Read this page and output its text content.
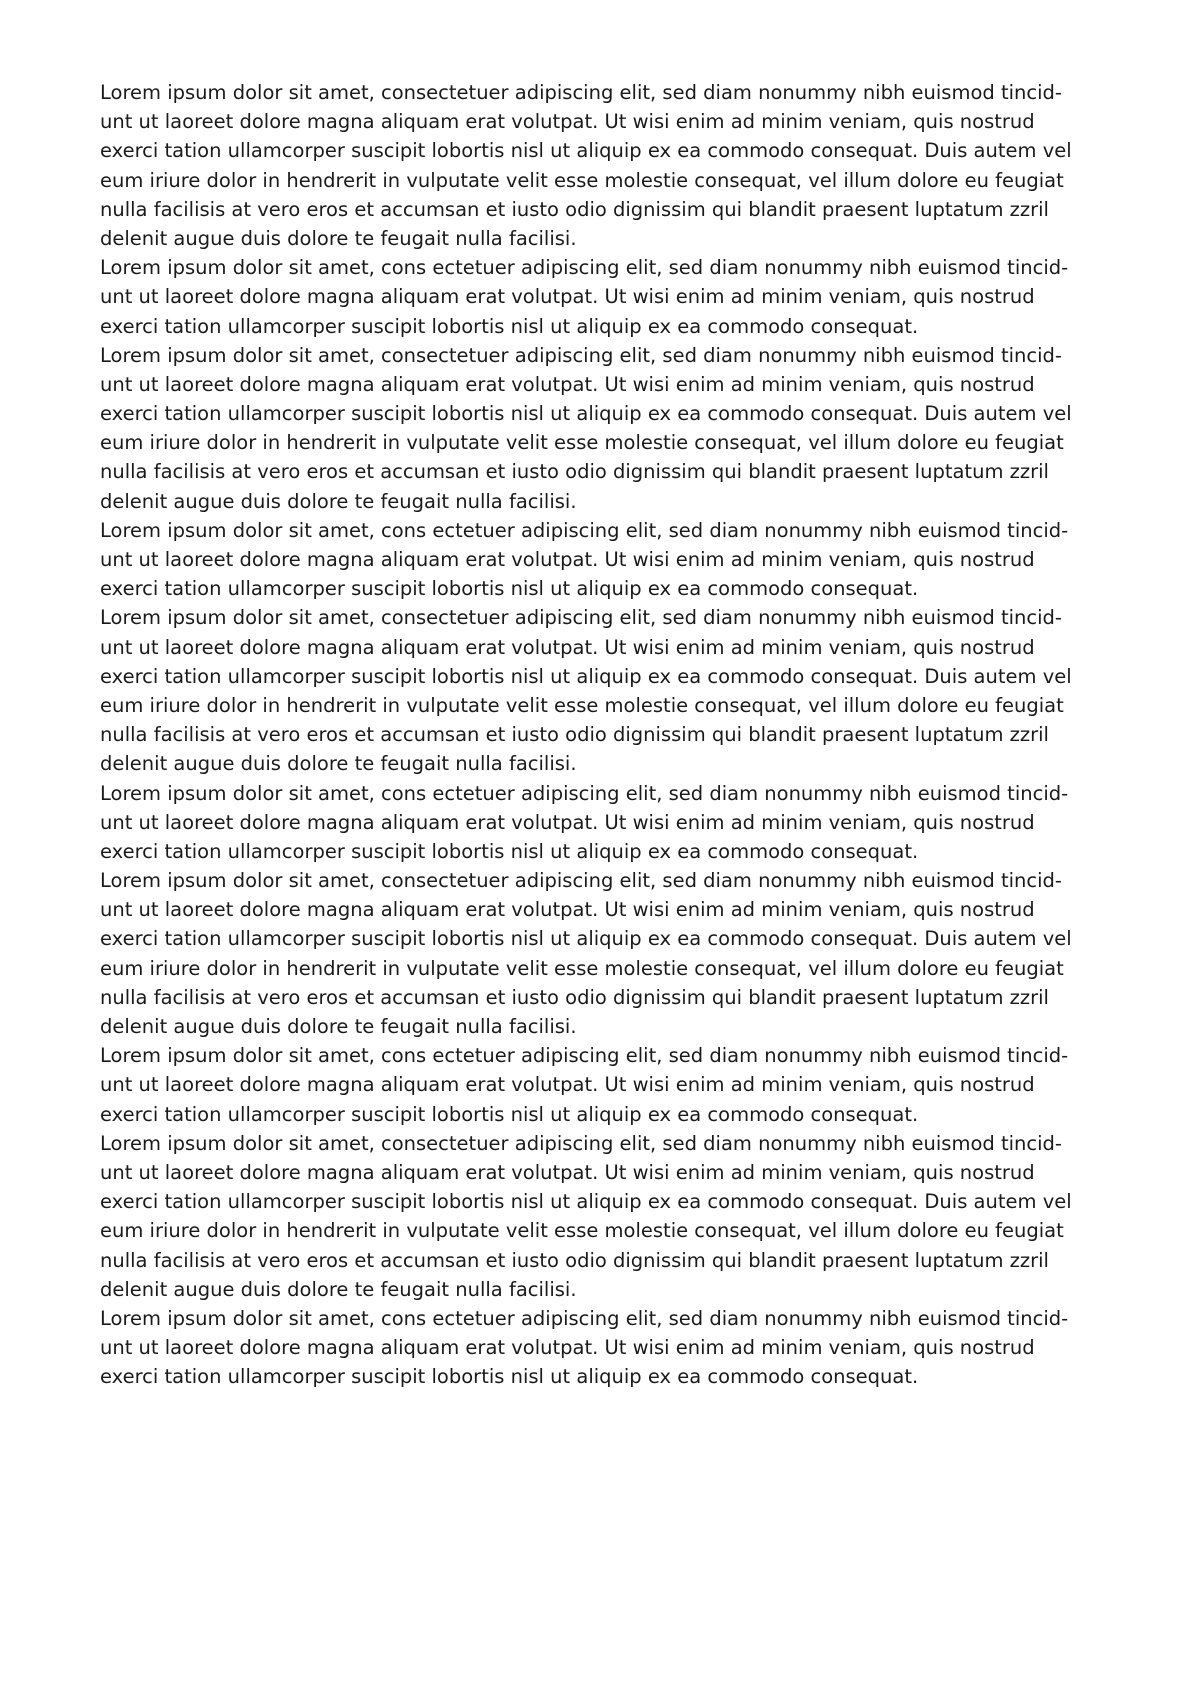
Lorem ipsum dolor sit amet, consectetuer adipiscing elit, sed diam nonummy nibh euismod tincid-
unt ut laoreet dolore magna aliquam erat volutpat. Ut wisi enim ad minim veniam, quis nostrud
exerci tation ullamcorper suscipit lobortis nisl ut aliquip ex ea commodo consequat. Duis autem vel
eum iriure dolor in hendrerit in vulputate velit esse molestie consequat, vel illum dolore eu feugiat
nulla facilisis at vero eros et accumsan et iusto odio dignissim qui blandit praesent luptatum zzril
delenit augue duis dolore te feugait nulla facilisi.
Lorem ipsum dolor sit amet, cons ectetuer adipiscing elit, sed diam nonummy nibh euismod tincid-
unt ut laoreet dolore magna aliquam erat volutpat. Ut wisi enim ad minim veniam, quis nostrud
exerci tation ullamcorper suscipit lobortis nisl ut aliquip ex ea commodo consequat.
Lorem ipsum dolor sit amet, consectetuer adipiscing elit, sed diam nonummy nibh euismod tincid-
unt ut laoreet dolore magna aliquam erat volutpat. Ut wisi enim ad minim veniam, quis nostrud
exerci tation ullamcorper suscipit lobortis nisl ut aliquip ex ea commodo consequat. Duis autem vel
eum iriure dolor in hendrerit in vulputate velit esse molestie consequat, vel illum dolore eu feugiat
nulla facilisis at vero eros et accumsan et iusto odio dignissim qui blandit praesent luptatum zzril
delenit augue duis dolore te feugait nulla facilisi.
Lorem ipsum dolor sit amet, cons ectetuer adipiscing elit, sed diam nonummy nibh euismod tincid-
unt ut laoreet dolore magna aliquam erat volutpat. Ut wisi enim ad minim veniam, quis nostrud
exerci tation ullamcorper suscipit lobortis nisl ut aliquip ex ea commodo consequat.
Lorem ipsum dolor sit amet, consectetuer adipiscing elit, sed diam nonummy nibh euismod tincid-
unt ut laoreet dolore magna aliquam erat volutpat. Ut wisi enim ad minim veniam, quis nostrud
exerci tation ullamcorper suscipit lobortis nisl ut aliquip ex ea commodo consequat. Duis autem vel
eum iriure dolor in hendrerit in vulputate velit esse molestie consequat, vel illum dolore eu feugiat
nulla facilisis at vero eros et accumsan et iusto odio dignissim qui blandit praesent luptatum zzril
delenit augue duis dolore te feugait nulla facilisi.
Lorem ipsum dolor sit amet, cons ectetuer adipiscing elit, sed diam nonummy nibh euismod tincid-
unt ut laoreet dolore magna aliquam erat volutpat. Ut wisi enim ad minim veniam, quis nostrud
exerci tation ullamcorper suscipit lobortis nisl ut aliquip ex ea commodo consequat.
Lorem ipsum dolor sit amet, consectetuer adipiscing elit, sed diam nonummy nibh euismod tincid-
unt ut laoreet dolore magna aliquam erat volutpat. Ut wisi enim ad minim veniam, quis nostrud
exerci tation ullamcorper suscipit lobortis nisl ut aliquip ex ea commodo consequat. Duis autem vel
eum iriure dolor in hendrerit in vulputate velit esse molestie consequat, vel illum dolore eu feugiat
nulla facilisis at vero eros et accumsan et iusto odio dignissim qui blandit praesent luptatum zzril
delenit augue duis dolore te feugait nulla facilisi.
Lorem ipsum dolor sit amet, cons ectetuer adipiscing elit, sed diam nonummy nibh euismod tincid-
unt ut laoreet dolore magna aliquam erat volutpat. Ut wisi enim ad minim veniam, quis nostrud
exerci tation ullamcorper suscipit lobortis nisl ut aliquip ex ea commodo consequat.
Lorem ipsum dolor sit amet, consectetuer adipiscing elit, sed diam nonummy nibh euismod tincid-
unt ut laoreet dolore magna aliquam erat volutpat. Ut wisi enim ad minim veniam, quis nostrud
exerci tation ullamcorper suscipit lobortis nisl ut aliquip ex ea commodo consequat. Duis autem vel
eum iriure dolor in hendrerit in vulputate velit esse molestie consequat, vel illum dolore eu feugiat
nulla facilisis at vero eros et accumsan et iusto odio dignissim qui blandit praesent luptatum zzril
delenit augue duis dolore te feugait nulla facilisi.
Lorem ipsum dolor sit amet, cons ectetuer adipiscing elit, sed diam nonummy nibh euismod tincid-
unt ut laoreet dolore magna aliquam erat volutpat. Ut wisi enim ad minim veniam, quis nostrud
exerci tation ullamcorper suscipit lobortis nisl ut aliquip ex ea commodo consequat.
